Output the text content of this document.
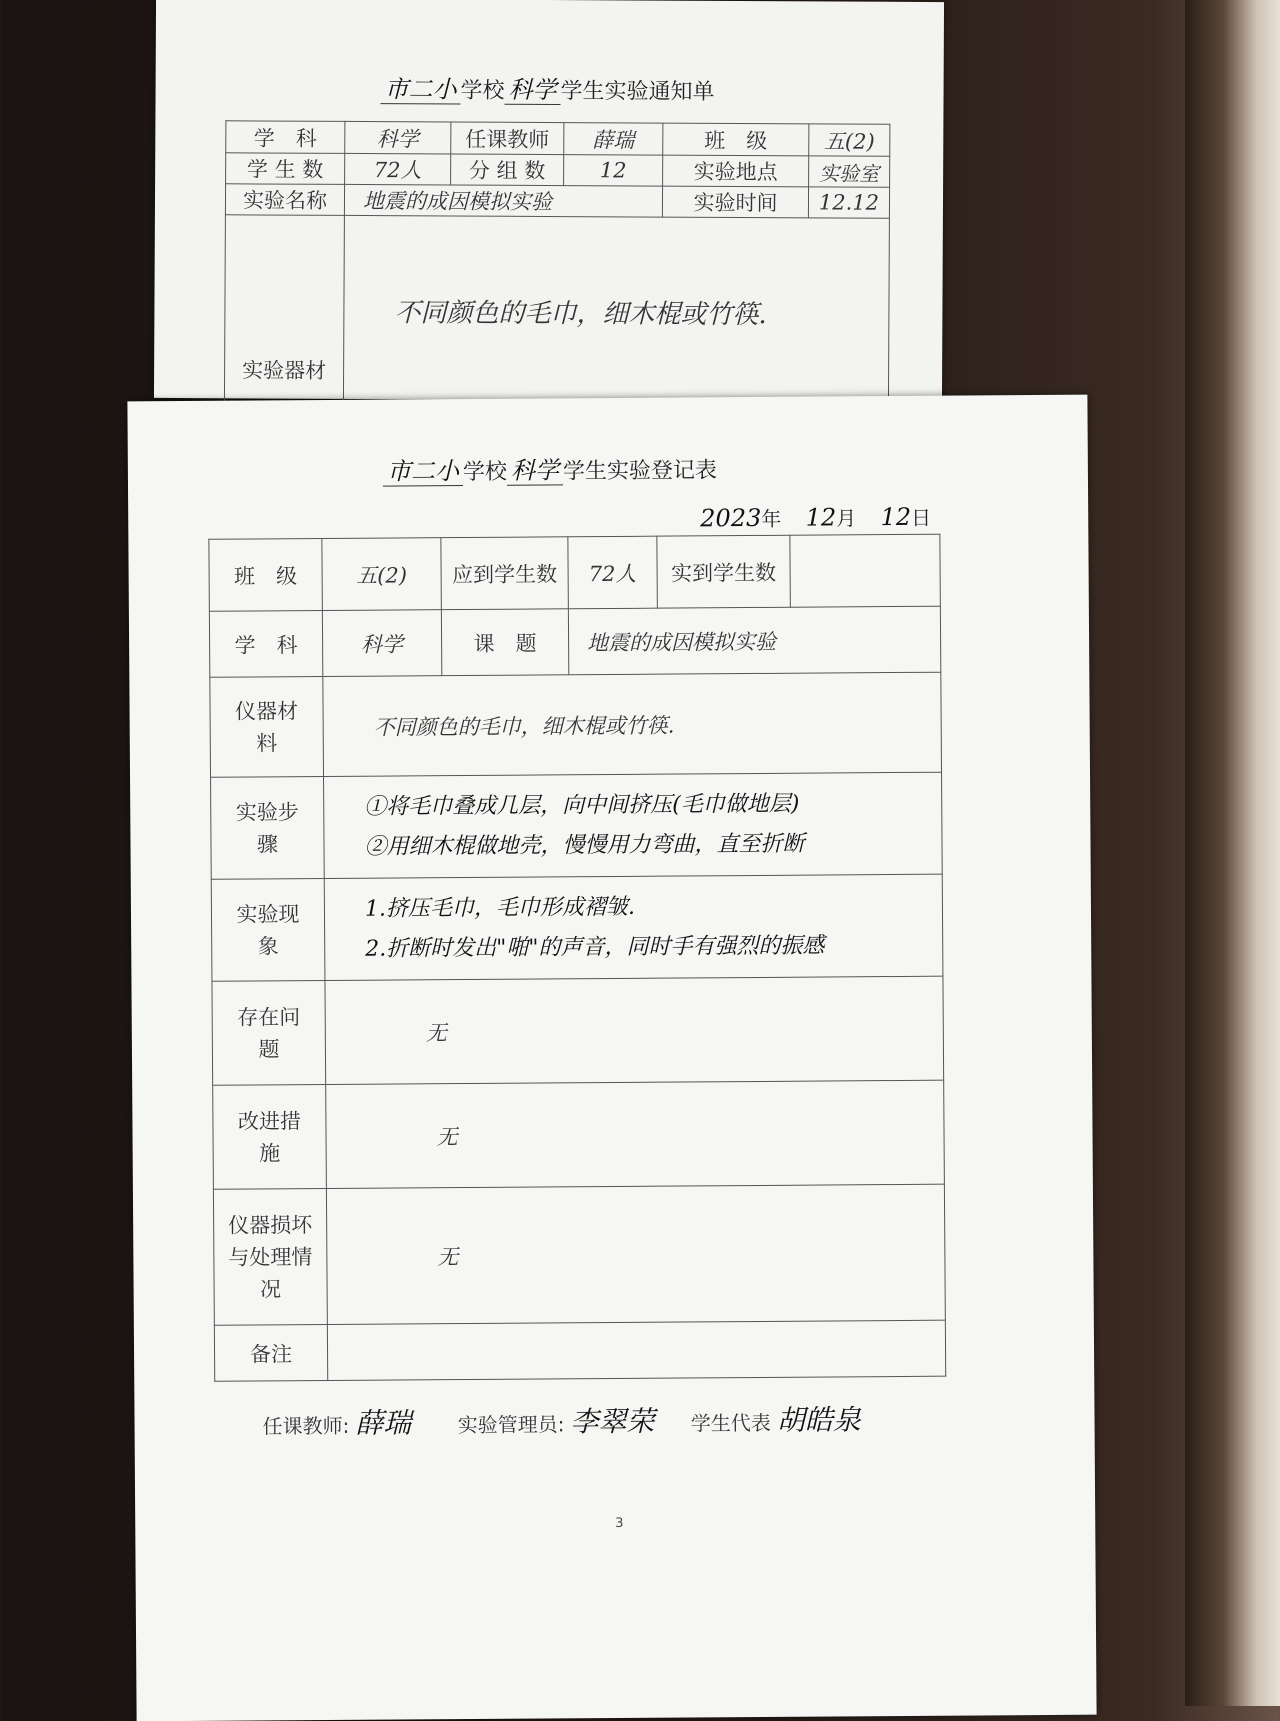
市二小 学校 科学 学生实验通知单
学　科	科学	任课教师	薛瑞	班　级	五(2)
学 生 数	72人	分 组 数	12	实验地点	实验室
实验名称	地震的成因模拟实验			实验时间	12.12
实验器材	不同颜色的毛巾，细木棍或竹筷.				
市二小 学校 科学 学生实验登记表
2023年 12月 12日
班　级	五(2)	应到学生数	72人	实到学生数	
学　科	科学	课　题	地震的成因模拟实验		
仪器材料	不同颜色的毛巾，细木棍或竹筷.				
实验步骤	①将毛巾叠成几层，向中间挤压(毛巾做地层)
②用细木棍做地壳，慢慢用力弯曲，直至折断				

实验现象	1.挤压毛巾，毛巾形成褶皱.
2.折断时发出"啪"的声音，同时手有强烈的振感				

存在问题	无				
改进措施	无				
仪器损坏与处理情况	无				
备注					
任课教师: 薛瑞 实验管理员: 李翠荣 学生代表 胡皓泉
3
